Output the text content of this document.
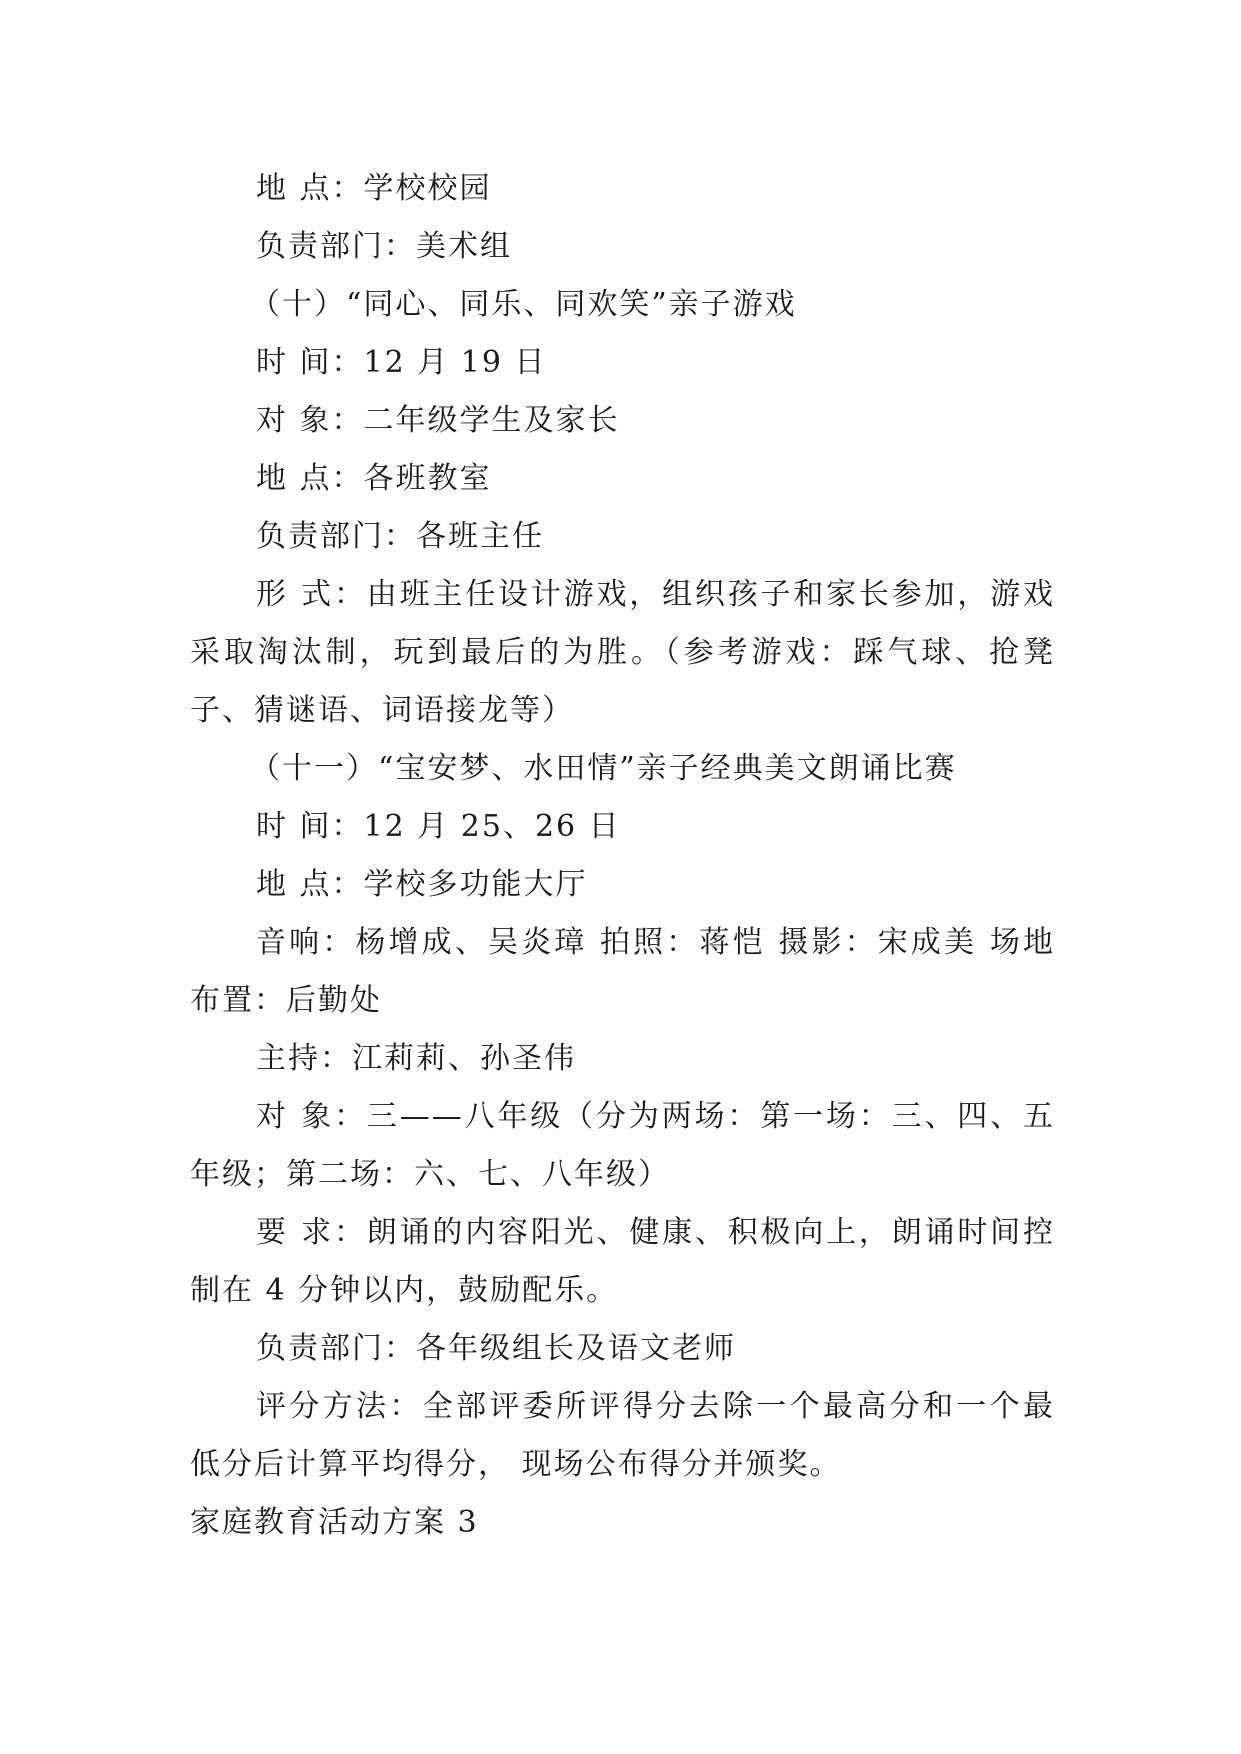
地 点：学校校园

负责部门：美术组

（十）“同心、同乐、同欢笑”亲子游戏

时 间：12 月 19 日

对 象：二年级学生及家长

地 点：各班教室

负责部门：各班主任

形 式：由班主任设计游戏，组织孩子和家长参加，游戏采取淘汰制，玩到最后的为胜。（参考游戏：踩气球、抢凳子、猜谜语、词语接龙等）

（十一）“宝安梦、水田情”亲子经典美文朗诵比赛

时 间：12 月 25、26 日

地 点：学校多功能大厅

音响：杨增成、吴炎璋 拍照：蒋恺 摄影：宋成美 场地布置：后勤处

主持：江莉莉、孙圣伟

对 象：三——八年级（分为两场：第一场：三、四、五年级；第二场：六、七、八年级）

要 求：朗诵的内容阳光、健康、积极向上，朗诵时间控制在 4 分钟以内，鼓励配乐。

负责部门：各年级组长及语文老师

评分方法：全部评委所评得分去除一个最高分和一个最低分后计算平均得分， 现场公布得分并颁奖。

家庭教育活动方案 3
